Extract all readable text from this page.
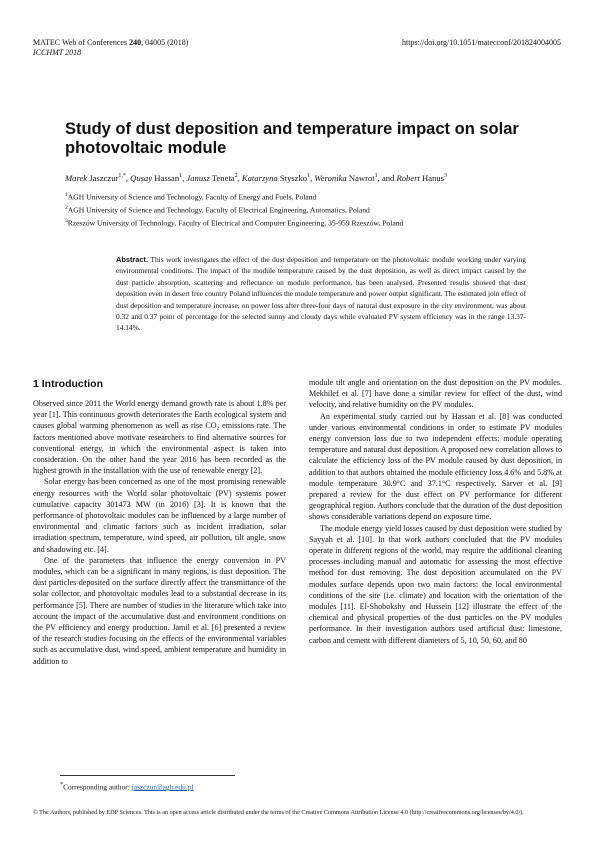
MATEC Web of Conferences 240, 04005 (2018)
ICCHMT 2018
https://doi.org/10.1051/matecconf/201824004005
Study of dust deposition and temperature impact on solar photovoltaic module
Marek Jaszczur$^{1,*}$, Qusay Hassan$^1$, Janusz Teneta$^2$, Katarzyna Styszko$^1$, Weronika Nawrot$^1$, and Robert Hanus$^3$
$^1$AGH University of Science and Technology, Faculty of Energy and Fuels, Poland
$^2$AGH University of Science and Technology, Faculty of Electrical Engineering, Automatics, Poland
$^3$Rzeszów University of Technology, Faculty of Electrical and Computer Engineering, 35-959 Rzeszów, Poland
Abstract. This work investigates the effect of the dust deposition and temperature on the photovoltaic module working under varying environmental conditions. The impact of the module temperature caused by the dust deposition, as well as direct impact caused by the dust particle absorption, scattering and reflectance on module performance, has been analysed. Presented results showed that dust deposition even in desert free country Poland influences the module temperature and power output significant. The estimated join effect of dust deposition and temperature increase, on power loss after three-four days of natural dust exposure in the city environment, was about 0.32 and 0.37 point of percentage for the selected sunny and cloudy days while evaluated PV system efficiency was in the range 13.37-14.14%.
1 Introduction

Observed since 2011 the World energy demand growth rate is about 1.8% per year [1]. This continuous growth deteriorates the Earth ecological system and causes global warming phenomenon as well as rise CO₂ emissions rate. The factors mentioned above motivate researchers to find alternative sources for conventional energy, in which the environmental aspect is taken into consideration. On the other hand the year 2016 has been recorded as the highest growth in the installation with the use of renewable energy [2].

Solar energy has been concerned as one of the most promising renewable energy resources with the World solar photovoltaic (PV) systems power cumulative capacity 301473 MW (in 2016) [3]. It is known that the performance of photovoltaic modules can be influenced by a large number of environmental and climatic factors such as incident irradiation, solar irradiation spectrum, temperature, wind speed, air pollution, tilt angle, snow and shadowing etc. [4].

One of the parameters that influence the energy conversion in PV modules, which can be a significant in many regions, is dust deposition. The dust particles deposited on the surface directly affect the transmittance of the solar collector, and photovoltaic modules lead to a substantial decrease in its performance [5]. There are number of studies in the literature which take into account the impact of the accumulative dust and environment conditions on the PV efficiency and energy production. Jamil et al. [6] presented a review of the research studies focusing on the effects of the environmental variables such as accumulative dust, wind speed, ambient temperature and humidity in addition to

module tilt angle and orientation on the dust deposition on the PV modules. Mekhilef et al. [7] have done a similar review for effect of the dust, wind velocity, and relative humidity on the PV modules.

An experimental study carried out by Hassan et al. [8] was conducted under various environmental conditions in order to estimate PV modules energy conversion loss due to two independent effects: module operating temperature and natural dust deposition. A proposed new correlation allows to calculate the efficiency loss of the PV module caused by dust deposition, in addition to that authors obtained the module efficiency loss 4.6% and 5.8% at module temperature 30.9°C and 37.1°C respectively. Sarver et al. [9] prepared a review for the dust effect on PV performance for different geographical region. Authors conclude that the duration of the dust deposition shows considerable variations depend on exposure time.

The module energy yield losses caused by dust deposition were studied by Sayyah et al. [10]. In that work authors concluded that the PV modules operate in different regions of the world, may require the additional cleaning processes including manual and automatic for assessing the most effective method for dust removing. The dust deposition accumulated on the PV modules surface depends upon two main factors: the local environmental conditions of the site (i.e. climate) and location with the orientation of the modules [11]. El-Shobokshy and Hussein [12] illustrate the effect of the chemical and physical properties of the dust particles on the PV modules performance. In their investigation authors used artificial dust: limestone, carbon and cement with different diameters of 5, 10, 50, 60, and 80

*Corresponding author: jaszczur@agh.edu.pl
© The Authors, published by EDP Sciences. This is an open access article distributed under the terms of the Creative Commons Attribution License 4.0 (http://creativecommons.org/licenses/by/4.0/).
